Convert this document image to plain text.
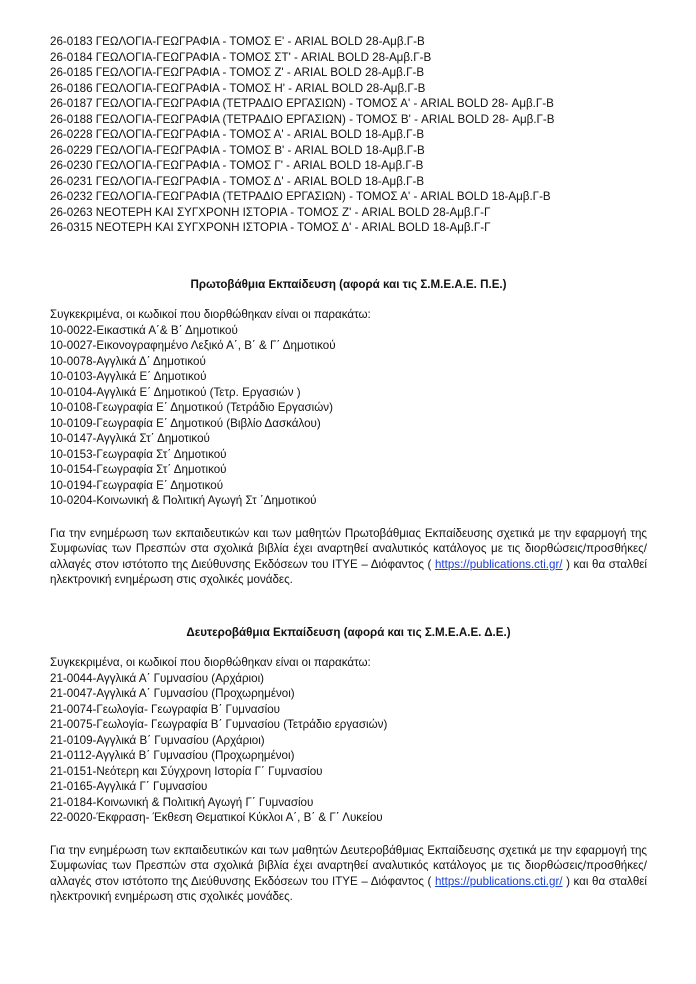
26-0183 ΓΕΩΛΟΓΙΑ-ΓΕΩΓΡΑΦΙΑ - ΤΟΜΟΣ Ε' - ARIAL BOLD 28-Αμβ.Γ-Β
26-0184 ΓΕΩΛΟΓΙΑ-ΓΕΩΓΡΑΦΙΑ - ΤΟΜΟΣ ΣΤ' - ARIAL BOLD 28-Αμβ.Γ-Β
26-0185 ΓΕΩΛΟΓΙΑ-ΓΕΩΓΡΑΦΙΑ - ΤΟΜΟΣ Ζ' - ARIAL BOLD 28-Αμβ.Γ-Β
26-0186 ΓΕΩΛΟΓΙΑ-ΓΕΩΓΡΑΦΙΑ - ΤΟΜΟΣ Η' - ARIAL BOLD 28-Αμβ.Γ-Β
26-0187 ΓΕΩΛΟΓΙΑ-ΓΕΩΓΡΑΦΙΑ (ΤΕΤΡΑΔΙΟ ΕΡΓΑΣΙΩΝ) - ΤΟΜΟΣ Α' - ARIAL BOLD 28- Αμβ.Γ-Β
26-0188 ΓΕΩΛΟΓΙΑ-ΓΕΩΓΡΑΦΙΑ (ΤΕΤΡΑΔΙΟ ΕΡΓΑΣΙΩΝ) - ΤΟΜΟΣ Β' - ARIAL BOLD 28- Αμβ.Γ-Β
26-0228 ΓΕΩΛΟΓΙΑ-ΓΕΩΓΡΑΦΙΑ - ΤΟΜΟΣ Α' - ARIAL BOLD 18-Αμβ.Γ-Β
26-0229 ΓΕΩΛΟΓΙΑ-ΓΕΩΓΡΑΦΙΑ - ΤΟΜΟΣ Β' - ARIAL BOLD 18-Αμβ.Γ-Β
26-0230 ΓΕΩΛΟΓΙΑ-ΓΕΩΓΡΑΦΙΑ - ΤΟΜΟΣ Γ' - ARIAL BOLD 18-Αμβ.Γ-Β
26-0231 ΓΕΩΛΟΓΙΑ-ΓΕΩΓΡΑΦΙΑ - ΤΟΜΟΣ Δ' - ARIAL BOLD 18-Αμβ.Γ-Β
26-0232 ΓΕΩΛΟΓΙΑ-ΓΕΩΓΡΑΦΙΑ (ΤΕΤΡΑΔΙΟ ΕΡΓΑΣΙΩΝ) - ΤΟΜΟΣ Α' - ARIAL BOLD 18-Αμβ.Γ-Β
26-0263 ΝΕΟΤΕΡΗ ΚΑΙ ΣΥΓΧΡΟΝΗ ΙΣΤΟΡΙΑ - ΤΟΜΟΣ Ζ' - ARIAL BOLD 28-Αμβ.Γ-Γ
26-0315 ΝΕΟΤΕΡΗ ΚΑΙ ΣΥΓΧΡΟΝΗ ΙΣΤΟΡΙΑ - ΤΟΜΟΣ Δ' - ARIAL BOLD 18-Αμβ.Γ-Γ
Πρωτοβάθμια Εκπαίδευση (αφορά και τις Σ.Μ.Ε.Α.Ε. Π.Ε.)
Συγκεκριμένα, οι κωδικοί που διορθώθηκαν είναι οι παρακάτω:
10-0022-Εικαστικά Α΄& Β΄ Δημοτικού
10-0027-Εικονογραφημένο Λεξικό Α΄, Β΄ & Γ΄ Δημοτικού
10-0078-Αγγλικά Δ΄ Δημοτικού
10-0103-Αγγλικά Ε΄ Δημοτικού
10-0104-Αγγλικά Ε΄ Δημοτικού (Τετρ. Εργασιών )
10-0108-Γεωγραφία Ε΄ Δημοτικού (Τετράδιο Εργασιών)
10-0109-Γεωγραφία Ε΄ Δημοτικού (Βιβλίο Δασκάλου)
10-0147-Αγγλικά Στ΄ Δημοτικού
10-0153-Γεωγραφία Στ΄ Δημοτικού
10-0154-Γεωγραφία Στ΄ Δημοτικού
10-0194-Γεωγραφία Ε΄ Δημοτικού
10-0204-Κοινωνική & Πολιτική Αγωγή Στ ΄Δημοτικού

Για την ενημέρωση των εκπαιδευτικών και των μαθητών Πρωτοβάθμιας Εκπαίδευσης σχετικά με την εφαρμογή της Συμφωνίας των Πρεσπών στα σχολικά βιβλία έχει αναρτηθεί αναλυτικός κατάλογος με τις διορθώσεις/προσθήκες/αλλαγές στον ιστότοπο της Διεύθυνσης Εκδόσεων του ΙΤΥΕ – Διόφαντος ( https://publications.cti.gr/ ) και θα σταλθεί ηλεκτρονική ενημέρωση στις σχολικές μονάδες.

Δευτεροβάθμια Εκπαίδευση (αφορά και τις Σ.Μ.Ε.Α.Ε. Δ.Ε.)
Συγκεκριμένα, οι κωδικοί που διορθώθηκαν είναι οι παρακάτω:
21-0044-Αγγλικά Α΄ Γυμνασίου (Αρχάριοι)
21-0047-Αγγλικά Α΄ Γυμνασίου (Προχωρημένοι)
21-0074-Γεωλογία- Γεωγραφία Β΄ Γυμνασίου
21-0075-Γεωλογία- Γεωγραφία Β΄ Γυμνασίου (Τετράδιο εργασιών)
21-0109-Αγγλικά Β΄ Γυμνασίου (Αρχάριοι)
21-0112-Αγγλικά Β΄ Γυμνασίου (Προχωρημένοι)
21-0151-Νεότερη και Σύγχρονη Ιστορία Γ΄ Γυμνασίου
21-0165-Αγγλικά Γ΄ Γυμνασίου
21-0184-Κοινωνική & Πολιτική Αγωγή Γ΄ Γυμνασίου
22-0020-Έκφραση- Έκθεση Θεματικοί Κύκλοι Α΄, Β΄ & Γ΄ Λυκείου

Για την ενημέρωση των εκπαιδευτικών και των μαθητών Δευτεροβάθμιας Εκπαίδευσης σχετικά με την εφαρμογή της Συμφωνίας των Πρεσπών στα σχολικά βιβλία έχει αναρτηθεί αναλυτικός κατάλογος με τις διορθώσεις/προσθήκες/αλλαγές στον ιστότοπο της Διεύθυνσης Εκδόσεων του ΙΤΥΕ – Διόφαντος ( https://publications.cti.gr/ ) και θα σταλθεί ηλεκτρονική ενημέρωση στις σχολικές μονάδες.
